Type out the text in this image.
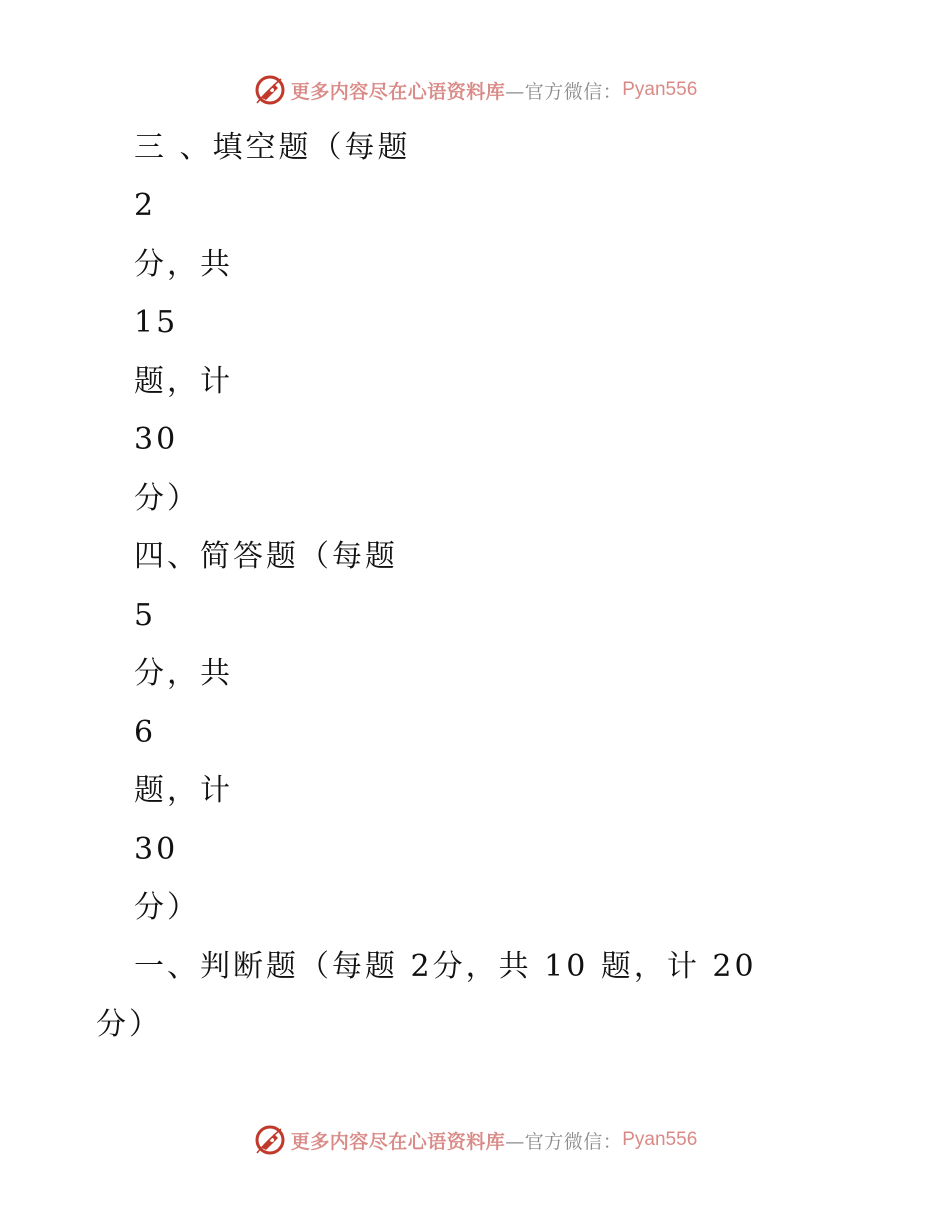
更多内容尽在心语资料库 —官方微信： Pyan556
三 、填空题（每题
2
分，共
15
题，计
30
分）
四、简答题（每题
5
分，共
6
题，计
30
分）
一、判断题（每题 2分，共 10 题，计 20
分）
更多内容尽在心语资料库 —官方微信： Pyan556
